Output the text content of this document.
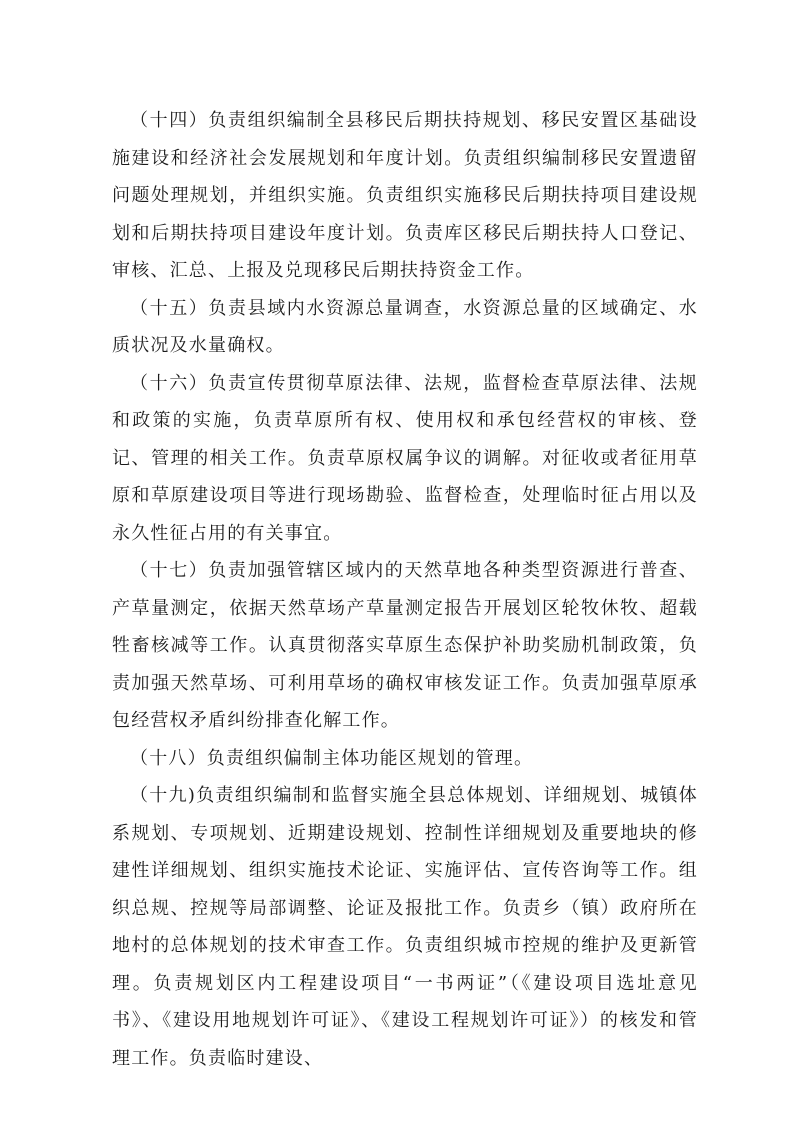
（十四）负责组织编制全县移民后期扶持规划、移民安置区基础设施建设和经济社会发展规划和年度计划。负责组织编制移民安置遗留问题处理规划，并组织实施。负责组织实施移民后期扶持项目建设规划和后期扶持项目建设年度计划。负责库区移民后期扶持人口登记、审核、汇总、上报及兑现移民后期扶持资金工作。

（十五）负责县域内水资源总量调查，水资源总量的区域确定、水质状况及水量确权。

（十六）负责宣传贯彻草原法律、法规，监督检查草原法律、法规和政策的实施，负责草原所有权、使用权和承包经营权的审核、登记、管理的相关工作。负责草原权属争议的调解。对征收或者征用草原和草原建设项目等进行现场勘验、监督检查，处理临时征占用以及永久性征占用的有关事宜。

（十七）负责加强管辖区域内的天然草地各种类型资源进行普查、产草量测定，依据天然草场产草量测定报告开展划区轮牧休牧、超载牲畜核减等工作。认真贯彻落实草原生态保护补助奖励机制政策，负责加强天然草场、可利用草场的确权审核发证工作。负责加强草原承包经营权矛盾纠纷排查化解工作。

（十八）负责组织偏制主体功能区规划的管理。

（十九)负责组织编制和监督实施全县总体规划、详细规划、城镇体系规划、专项规划、近期建设规划、控制性详细规划及重要地块的修建性详细规划、组织实施技术论证、实施评估、宣传咨询等工作。组织总规、控规等局部调整、论证及报批工作。负责乡（镇）政府所在地村的总体规划的技术审查工作。负责组织城市控规的维护及更新管理。负责规划区内工程建设项目“一书两证”（《建设项目选址意见书》、《建设用地规划许可证》、《建设工程规划许可证》）的核发和管理工作。负责临时建设、
